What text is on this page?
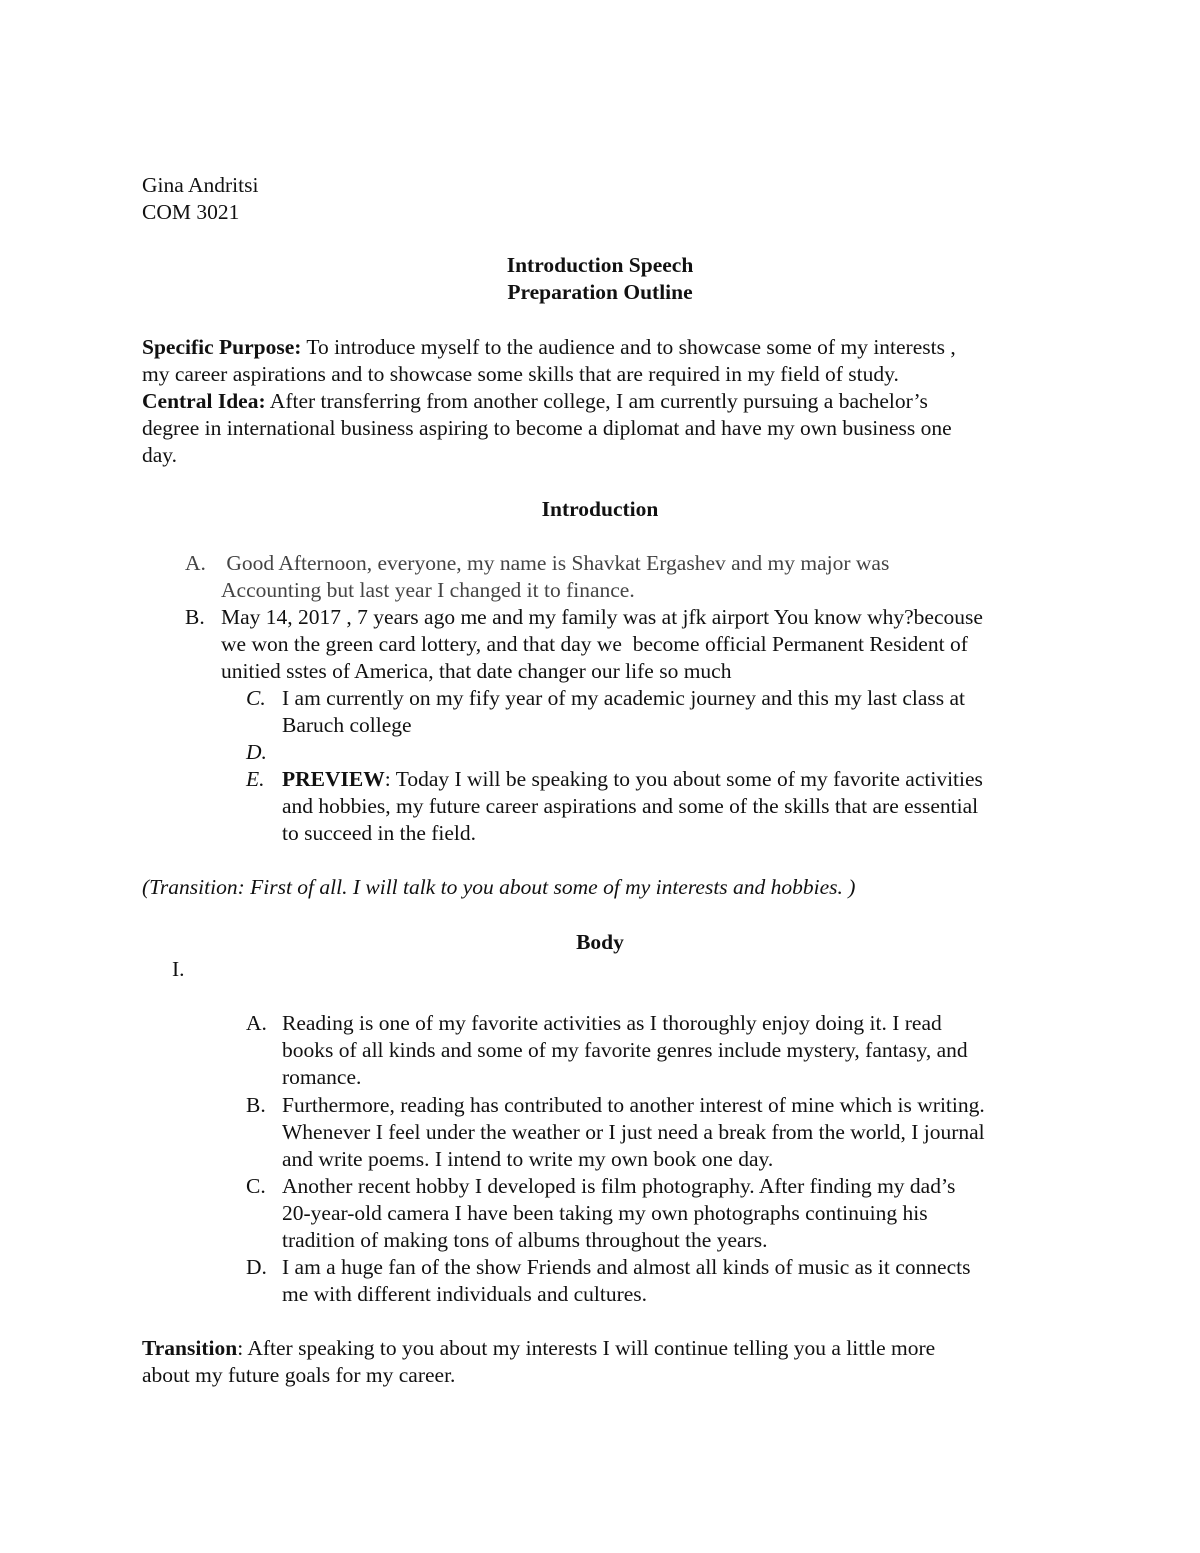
Gina Andritsi
COM 3021
Introduction Speech
Preparation Outline
Specific Purpose: To introduce myself to the audience and to showcase some of my interests ,
my career aspirations and to showcase some skills that are required in my field of study.
Central Idea: After transferring from another college, I am currently pursuing a bachelor’s
degree in international business aspiring to become a diplomat and have my own business one
day.
Introduction
A. Good Afternoon, everyone, my name is Shavkat Ergashev and my major was
Accounting but last year I changed it to finance.
B. May 14, 2017 , 7 years ago me and my family was at jfk airport You know why?becouse
we won the green card lottery, and that day we  become official Permanent Resident of
unitied sstes of America, that date changer our life so much
C. I am currently on my fify year of my academic journey and this my last class at
Baruch college
D.
E. PREVIEW: Today I will be speaking to you about some of my favorite activities
and hobbies, my future career aspirations and some of the skills that are essential
to succeed in the field.
(Transition: First of all. I will talk to you about some of my interests and hobbies. )
Body
I.
A. Reading is one of my favorite activities as I thoroughly enjoy doing it. I read
books of all kinds and some of my favorite genres include mystery, fantasy, and
romance.
B. Furthermore, reading has contributed to another interest of mine which is writing.
Whenever I feel under the weather or I just need a break from the world, I journal
and write poems. I intend to write my own book one day.
C. Another recent hobby I developed is film photography. After finding my dad’s
20-year-old camera I have been taking my own photographs continuing his
tradition of making tons of albums throughout the years.
D. I am a huge fan of the show Friends and almost all kinds of music as it connects
me with different individuals and cultures.
Transition: After speaking to you about my interests I will continue telling you a little more
about my future goals for my career.
